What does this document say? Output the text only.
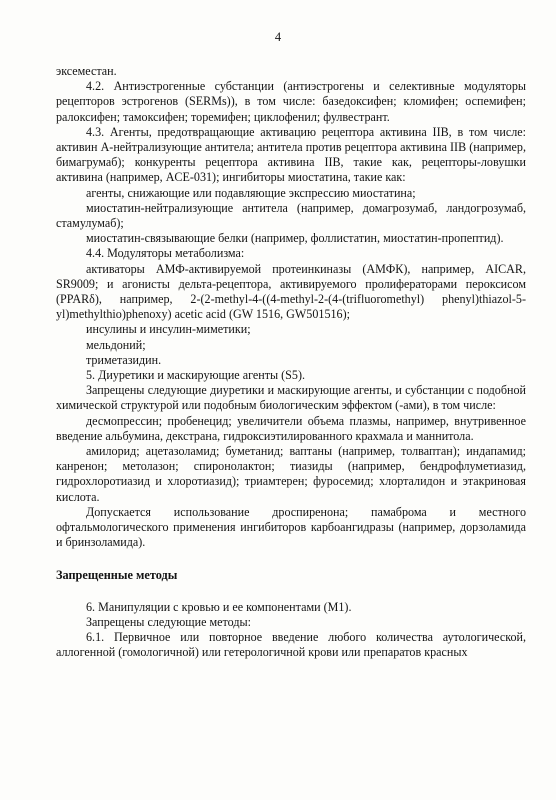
4

эксеместан.

4.2. Антиэстрогенные субстанции (антиэстрогены и селективные модуляторы рецепторов эстрогенов (SERMs)), в том числе: базедоксифен; кломифен; оспемифен; ралоксифен; тамоксифен; торемифен; циклофенил; фулвестрант.

4.3. Агенты, предотвращающие активацию рецептора активина IIB, в том числе: активин А-нейтрализующие антитела; антитела против рецептора активина IIB (например, бимагрумаб); конкуренты рецептора активина IIB, такие как, рецепторы-ловушки активина (например, ACE-031); ингибиторы миостатина, такие как:

агенты, снижающие или подавляющие экспрессию миостатина;

миостатин-нейтрализующие антитела (например, домагрозумаб, ландогрозумаб, стамулумаб);

миостатин-связывающие белки (например, фоллистатин, миостатин-пропептид).

4.4. Модуляторы метаболизма:

активаторы АМФ-активируемой протеинкиназы (АМФК), например, AICAR, SR9009; и агонисты дельта-рецептора, активируемого пролифераторами пероксисом (PPARδ), например, 2-(2-methyl-4-((4-methyl-2-(4-(trifluoromethyl) phenyl)thiazol-5-yl)methylthio)phenoxy) acetic acid (GW 1516, GW501516);

инсулины и инсулин-миметики;

мельдоний;

триметазидин.

5. Диуретики и маскирующие агенты (S5).

Запрещены следующие диуретики и маскирующие агенты, и субстанции с подобной химической структурой или подобным биологическим эффектом (-ами), в том числе:

десмопрессин; пробенецид; увеличители объема плазмы, например, внутривенное введение альбумина, декстрана, гидроксиэтилированного крахмала и маннитола.

амилорид; ацетазоламид; буметанид; ваптаны (например, толваптан); индапамид; канренон; метолазон; спиронолактон; тиазиды (например, бендрофлуметиазид, гидрохлоротиазид и хлоротиазид); триамтерен; фуросемид; хлорталидон и этакриновая кислота.

Допускается использование дроспиренона; памаброма и местного офтальмологического применения ингибиторов карбоангидразы (например, дорзоламида и бринзоламида).

Запрещенные методы

6. Манипуляции с кровью и ее компонентами (M1).

Запрещены следующие методы:

6.1. Первичное или повторное введение любого количества аутологической, аллогенной (гомологичной) или гетерологичной крови или препаратов красных
